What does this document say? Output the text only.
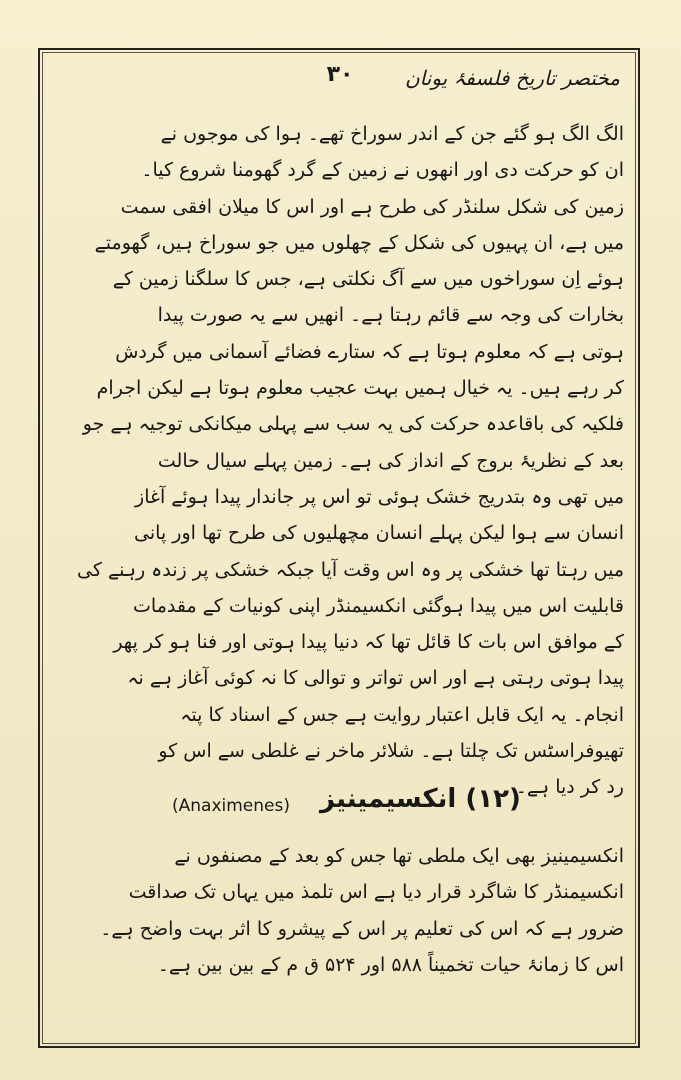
۳۰	مختصر تاریخ فلسفۂ یونان
الگ الگ ہو گئے جن کے اندر سوراخ تھے۔ ہوا کی موجوں نے
ان کو حرکت دی اور انھوں نے زمین کے گرد گھومنا شروع کیا۔
زمین کی شکل سلنڈر کی طرح ہے اور اس کا میلان افقی سمت
میں ہے، ان پہیوں کی شکل کے چھلوں میں جو سوراخ ہیں، گھومتے
ہوئے اِن سوراخوں میں سے آگ نکلتی ہے، جس کا سلگنا زمین کے
بخارات کی وجہ سے قائم رہتا ہے۔ انھیں سے یہ صورت پیدا
ہوتی ہے کہ معلوم ہوتا ہے کہ ستارے فضائے آسمانی میں گردش
کر رہے ہیں۔ یہ خیال ہمیں بہت عجیب معلوم ہوتا ہے لیکن اجرام
فلکیہ کی باقاعدہ حرکت کی یہ سب سے پہلی میکانکی توجیہ ہے جو
بعد کے نظریۂ بروج کے انداز کی ہے۔ زمین پہلے سیال حالت
میں تھی وہ بتدریج خشک ہوئی تو اس پر جاندار پیدا ہوئے آغاز
انسان سے ہوا لیکن پہلے انسان مچھلیوں کی طرح تھا اور پانی
میں رہتا تھا خشکی پر وہ اس وقت آیا جبکہ خشکی پر زندہ رہنے کی
قابلیت اس میں پیدا ہوگئی انکسیمنڈر اپنی کونیات کے مقدمات
کے موافق اس بات کا قائل تھا کہ دنیا پیدا ہوتی اور فنا ہو کر پھر
پیدا ہوتی رہتی ہے اور اس تواتر و توالی کا نہ کوئی آغاز ہے نہ
انجام۔ یہ ایک قابل اعتبار روایت ہے جس کے اسناد کا پتہ
تھیوفراسٹس تک چلتا ہے۔ شلائر ماخر نے غلطی سے اس کو
رد کر دیا ہے۔
(Anaximenes)	(۱۲) انکسیمینیز
انکسیمینیز بھی ایک ملطی تھا جس کو بعد کے مصنفوں نے
انکسیمنڈر کا شاگرد قرار دیا ہے اس تلمذ میں یہاں تک صداقت
ضرور ہے کہ اس کی تعلیم پر اس کے پیشرو کا اثر بہت واضح ہے۔
اس کا زمانۂ حیات تخمیناً ۵۸۸ اور ۵۲۴ ق م کے بین بین ہے۔
